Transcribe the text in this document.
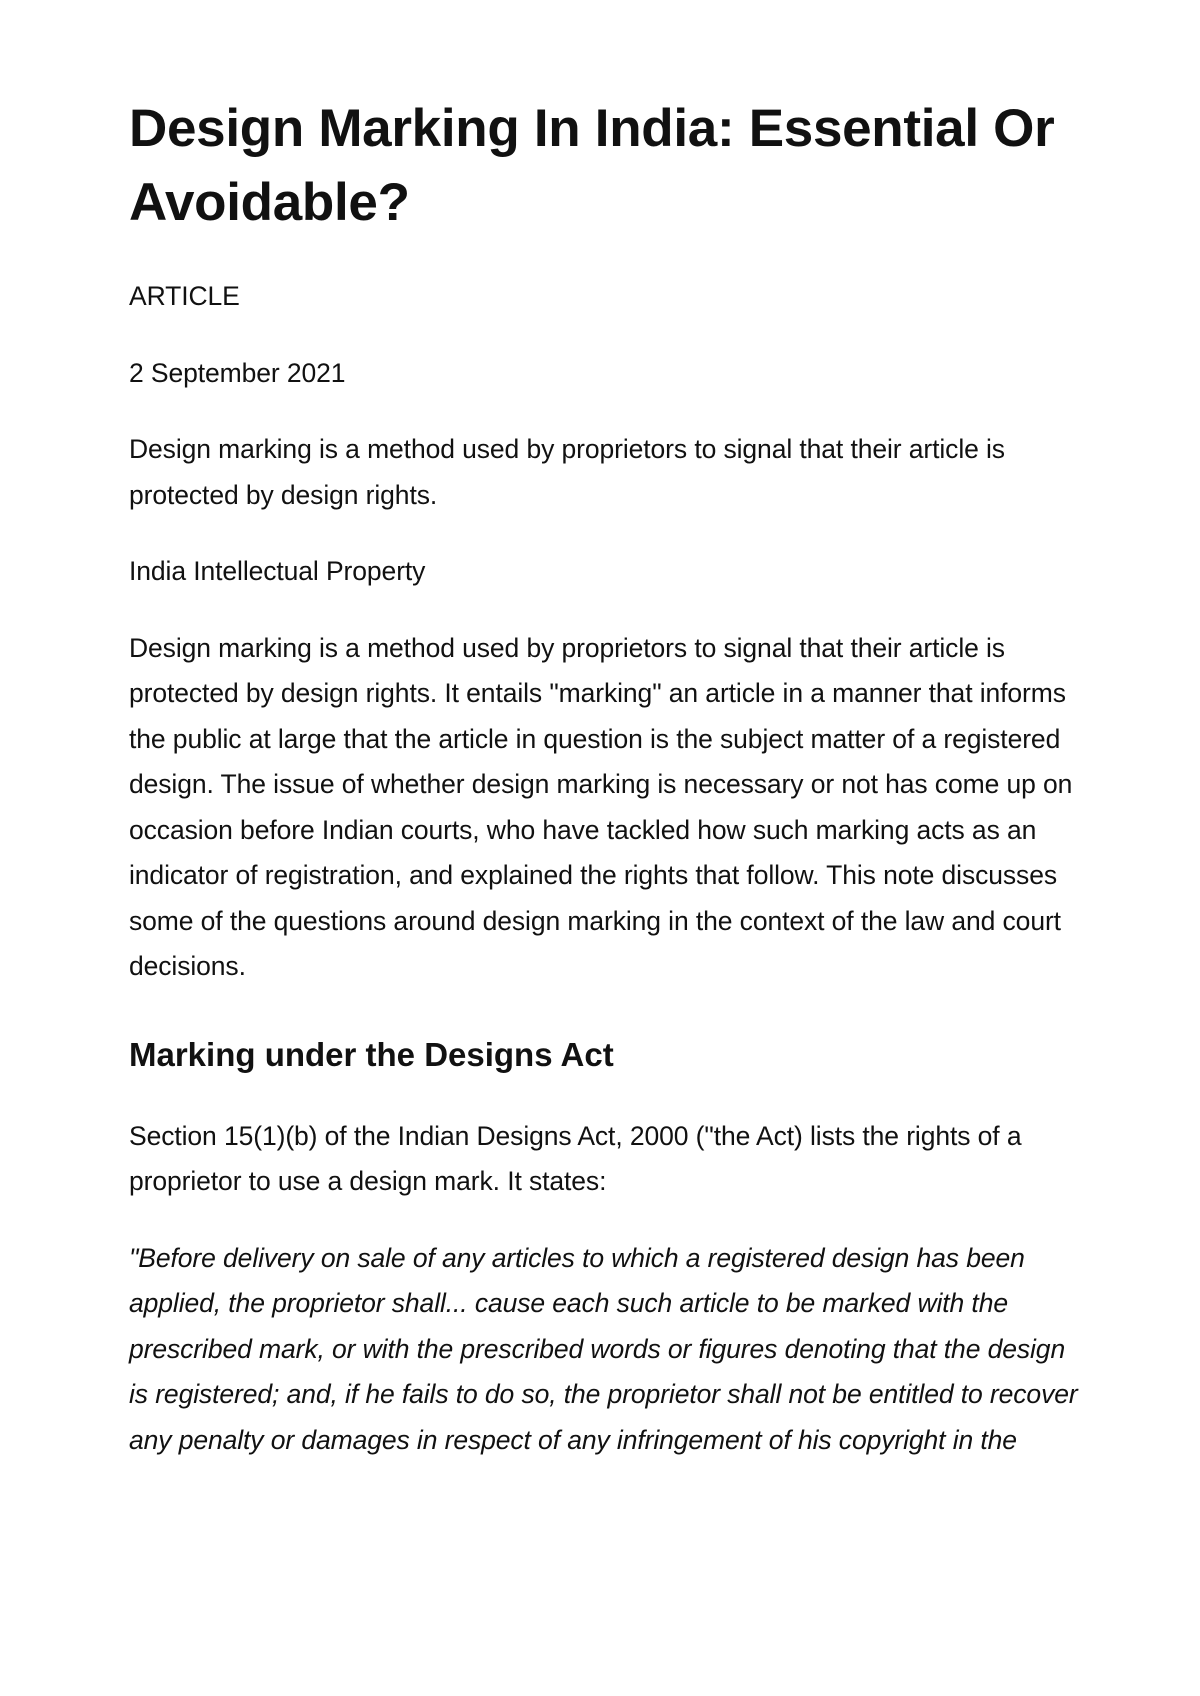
Design Marking In India: Essential Or Avoidable?

ARTICLE

2 September 2021

Design marking is a method used by proprietors to signal that their article is protected by design rights.

India Intellectual Property

Design marking is a method used by proprietors to signal that their article is protected by design rights. It entails "marking" an article in a manner that informs the public at large that the article in question is the subject matter of a registered design. The issue of whether design marking is necessary or not has come up on occasion before Indian courts, who have tackled how such marking acts as an indicator of registration, and explained the rights that follow. This note discusses some of the questions around design marking in the context of the law and court decisions.

Marking under the Designs Act

Section 15(1)(b) of the Indian Designs Act, 2000 ("the Act) lists the rights of a proprietor to use a design mark. It states:

"Before delivery on sale of any articles to which a registered design has been applied, the proprietor shall... cause each such article to be marked with the prescribed mark, or with the prescribed words or figures denoting that the design is registered; and, if he fails to do so, the proprietor shall not be entitled to recover any penalty or damages in respect of any infringement of his copyright in the
